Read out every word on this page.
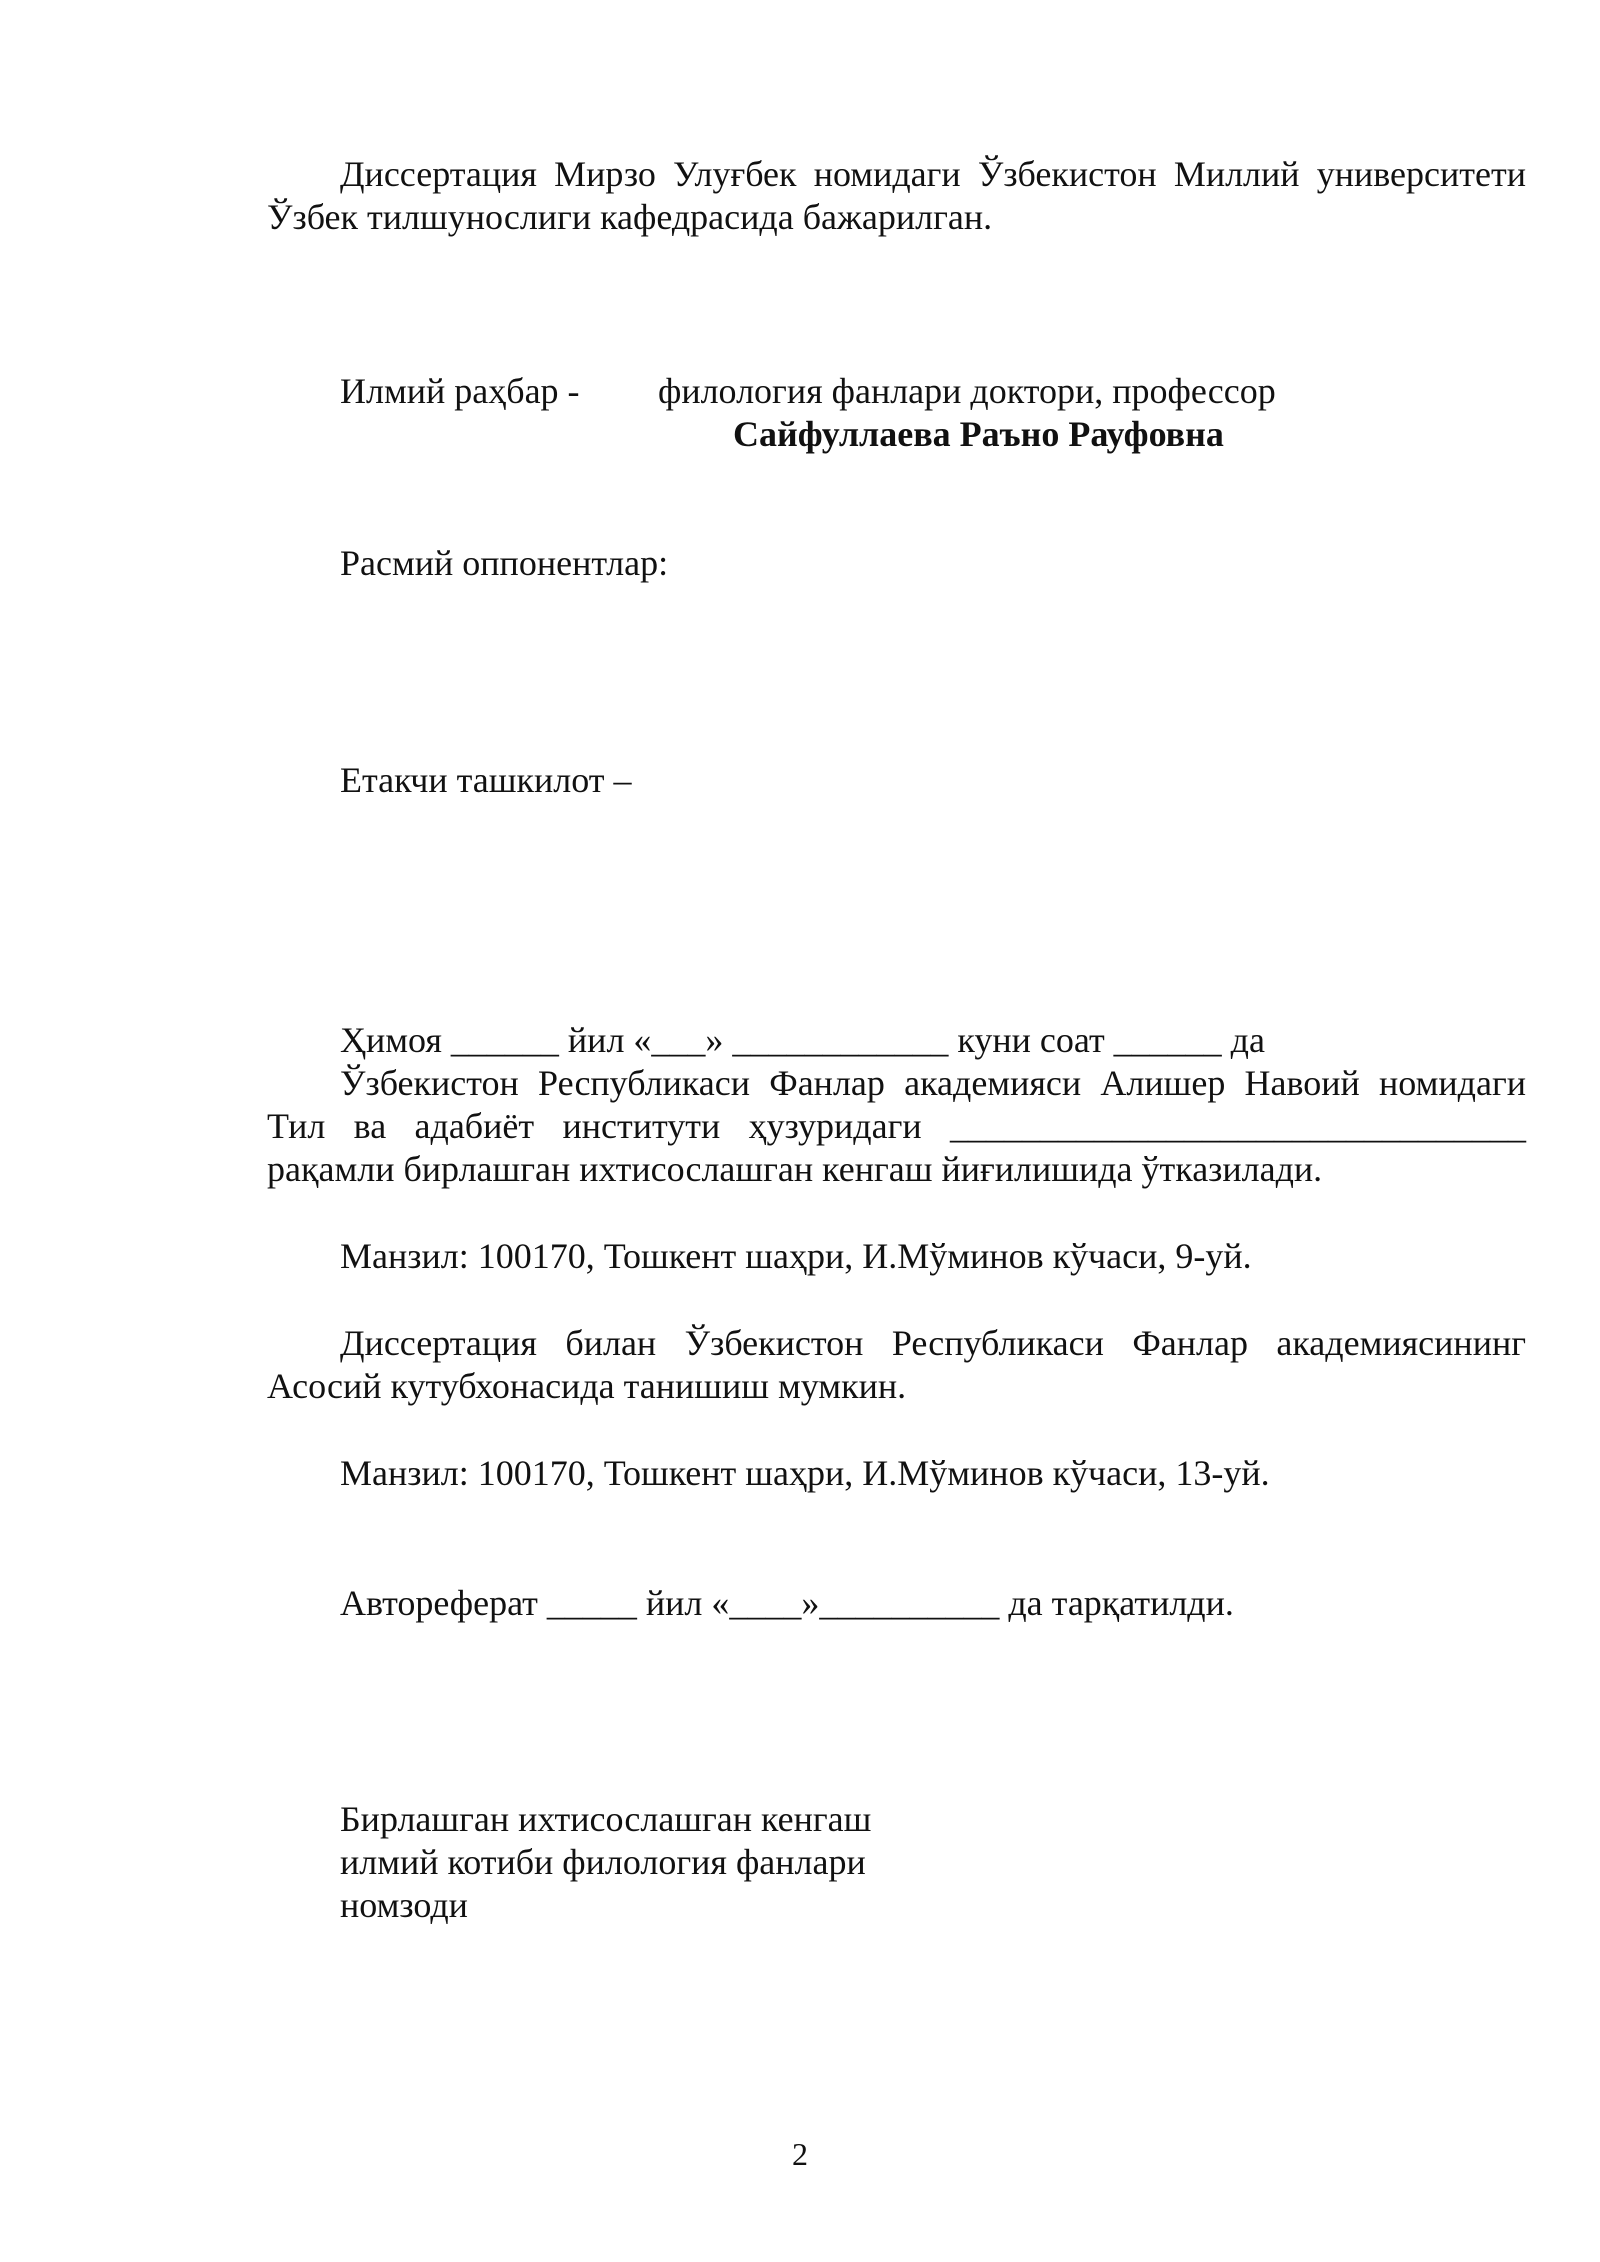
Диссертация Мирзо Улуғбек номидаги Ўзбекистон Миллий университети Ўзбек тилшунослиги кафедрасида бажарилган.
Илмий раҳбар - филология фанлари доктори, профессор
Сайфуллаева Раъно Рауфовна
Расмий оппонентлар:
Етакчи ташкилот –
Ҳимоя ______ йил «___» ____________ куни соат ______ да
Ўзбекистон Республикаси Фанлар академияси Алишер Навоий номидаги Тил ва адабиёт институти ҳузуридаги ________________________________ рақамли бирлашган ихтисослашган кенгаш йиғилишида ўтказилади.
Манзил: 100170, Тошкент шаҳри, И.Мўминов кўчаси, 9-уй.
Диссертация билан Ўзбекистон Республикаси Фанлар академиясининг Асосий кутубхонасида танишиш мумкин.
Манзил: 100170, Тошкент шаҳри, И.Мўминов кўчаси, 13-уй.
Автореферат _____ йил «____»__________ да тарқатилди.
Бирлашган ихтисослашган кенгаш
илмий котиби филология фанлари
номзоди
2
